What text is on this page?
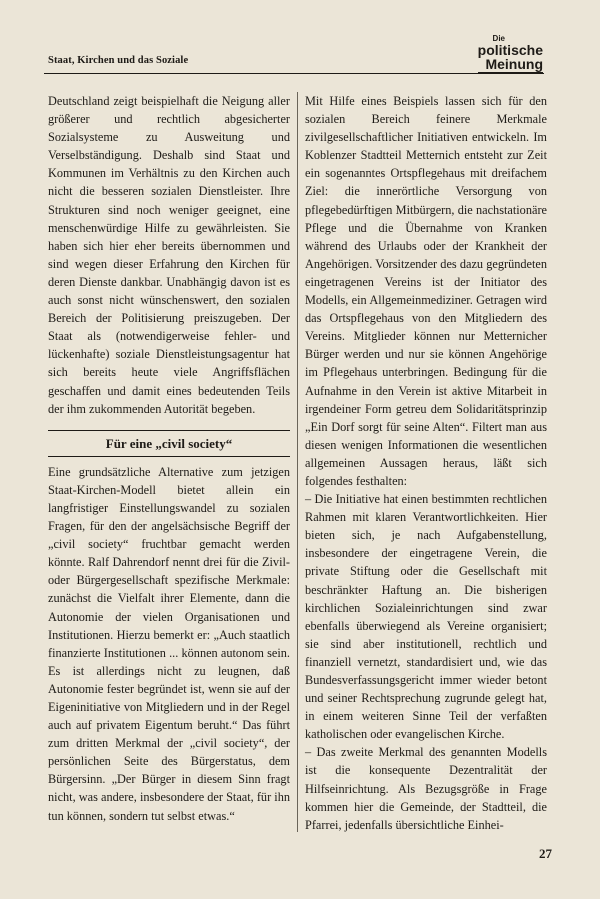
Staat, Kirchen und das Soziale
Die
politische
Meinung

Deutschland zeigt beispielhaft die Neigung aller größerer und rechtlich abgesicherter Sozialsysteme zu Ausweitung und Verselbständigung. Deshalb sind Staat und Kommunen im Verhältnis zu den Kirchen auch nicht die besseren sozialen Dienstleister. Ihre Strukturen sind noch weniger geeignet, eine menschenwürdige Hilfe zu gewährleisten. Sie haben sich hier eher bereits übernommen und sind wegen dieser Erfahrung den Kirchen für deren Dienste dankbar. Unabhängig davon ist es auch sonst nicht wünschenswert, den sozialen Bereich der Politisierung preiszugeben. Der Staat als (notwendigerweise fehler- und lückenhafte) soziale Dienstleistungsagentur hat sich bereits heute viele Angriffsflächen geschaffen und damit eines bedeutenden Teils der ihm zukommenden Autorität begeben.

Für eine „civil society“

Eine grundsätzliche Alternative zum jetzigen Staat-Kirchen-Modell bietet allein ein langfristiger Einstellungswandel zu sozialen Fragen, für den der angelsächsische Begriff der „civil society“ fruchtbar gemacht werden könnte. Ralf Dahrendorf nennt drei für die Zivil- oder Bürgergesellschaft spezifische Merkmale: zunächst die Vielfalt ihrer Elemente, dann die Autonomie der vielen Organisationen und Institutionen. Hierzu bemerkt er: „Auch staatlich finanzierte Institutionen ... können autonom sein. Es ist allerdings nicht zu leugnen, daß Autonomie fester begründet ist, wenn sie auf der Eigeninitiative von Mitgliedern und in der Regel auch auf privatem Eigentum beruht.“ Das führt zum dritten Merkmal der „civil society“, der persönlichen Seite des Bürgerstatus, dem Bürgersinn. „Der Bürger in diesem Sinn fragt nicht, was andere, insbesondere der Staat, für ihn tun können, sondern tut selbst etwas.“

Mit Hilfe eines Beispiels lassen sich für den sozialen Bereich feinere Merkmale zivilgesellschaftlicher Initiativen entwickeln. Im Koblenzer Stadtteil Metternich entsteht zur Zeit ein sogenanntes Ortspflegehaus mit dreifachem Ziel: die innerörtliche Versorgung von pflegebedürftigen Mitbürgern, die nachstationäre Pflege und die Übernahme von Kranken während des Urlaubs oder der Krankheit der Angehörigen. Vorsitzender des dazu gegründeten eingetragenen Vereins ist der Initiator des Modells, ein Allgemeinmediziner. Getragen wird das Ortspflegehaus von den Mitgliedern des Vereins. Mitglieder können nur Metternicher Bürger werden und nur sie können Angehörige im Pflegehaus unterbringen. Bedingung für die Aufnahme in den Verein ist aktive Mitarbeit in irgendeiner Form getreu dem Solidaritätsprinzip „Ein Dorf sorgt für seine Alten“. Filtert man aus diesen wenigen Informationen die wesentlichen allgemeinen Aussagen heraus, läßt sich folgendes festhalten:

– Die Initiative hat einen bestimmten rechtlichen Rahmen mit klaren Verantwortlichkeiten. Hier bieten sich, je nach Aufgabenstellung, insbesondere der eingetragene Verein, die private Stiftung oder die Gesellschaft mit beschränkter Haftung an. Die bisherigen kirchlichen Sozialeinrichtungen sind zwar ebenfalls überwiegend als Vereine organisiert; sie sind aber institutionell, rechtlich und finanziell vernetzt, standardisiert und, wie das Bundesverfassungsgericht immer wieder betont und seiner Rechtsprechung zugrunde gelegt hat, in einem weiteren Sinne Teil der verfaßten katholischen oder evangelischen Kirche.

– Das zweite Merkmal des genannten Modells ist die konsequente Dezentralität der Hilfseinrichtung. Als Bezugsgröße in Frage kommen hier die Gemeinde, der Stadtteil, die Pfarrei, jedenfalls übersichtliche Einhei-

27
